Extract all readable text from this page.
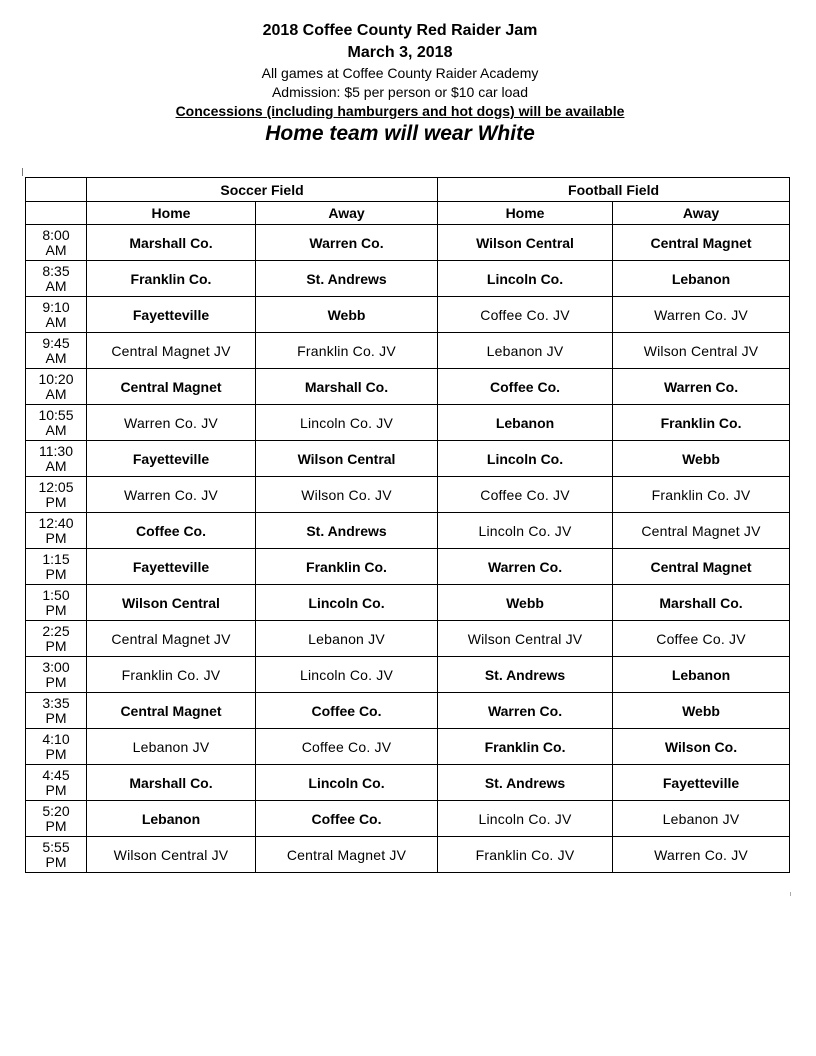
2018 Coffee County Red Raider Jam
March 3, 2018
All games at Coffee County Raider Academy
Admission: $5 per person or $10 car load
Concessions (including hamburgers and hot dogs) will be available
Home team will wear White
	Soccer Field		Football Field	
	Home	Away	Home	Away

8:00
AM	Marshall Co.	Warren Co.	Wilson Central	Central Magnet

8:35
AM	Franklin Co.	St. Andrews	Lincoln Co.	Lebanon

9:10
AM	Fayetteville	Webb	Coffee Co. JV	Warren Co. JV

9:45
AM	Central Magnet JV	Franklin Co. JV	Lebanon JV	Wilson Central JV

10:20
AM	Central Magnet	Marshall Co.	Coffee Co.	Warren Co.

10:55
AM	Warren Co. JV	Lincoln Co. JV	Lebanon	Franklin Co.

11:30
AM	Fayetteville	Wilson Central	Lincoln Co.	Webb

12:05
PM	Warren Co. JV	Wilson Co. JV	Coffee Co. JV	Franklin Co. JV

12:40
PM	Coffee Co.	St. Andrews	Lincoln Co. JV	Central Magnet JV

1:15
PM	Fayetteville	Franklin Co.	Warren Co.	Central Magnet

1:50
PM	Wilson Central	Lincoln Co.	Webb	Marshall Co.

2:25
PM	Central Magnet JV	Lebanon JV	Wilson Central JV	Coffee Co. JV

3:00
PM	Franklin Co. JV	Lincoln Co. JV	St. Andrews	Lebanon

3:35
PM	Central Magnet	Coffee Co.	Warren Co.	Webb

4:10
PM	Lebanon JV	Coffee Co. JV	Franklin Co.	Wilson Co.

4:45
PM	Marshall Co.	Lincoln Co.	St. Andrews	Fayetteville

5:20
PM	Lebanon	Coffee Co.	Lincoln Co. JV	Lebanon JV

5:55
PM	Wilson Central JV	Central Magnet JV	Franklin Co. JV	Warren Co. JV
